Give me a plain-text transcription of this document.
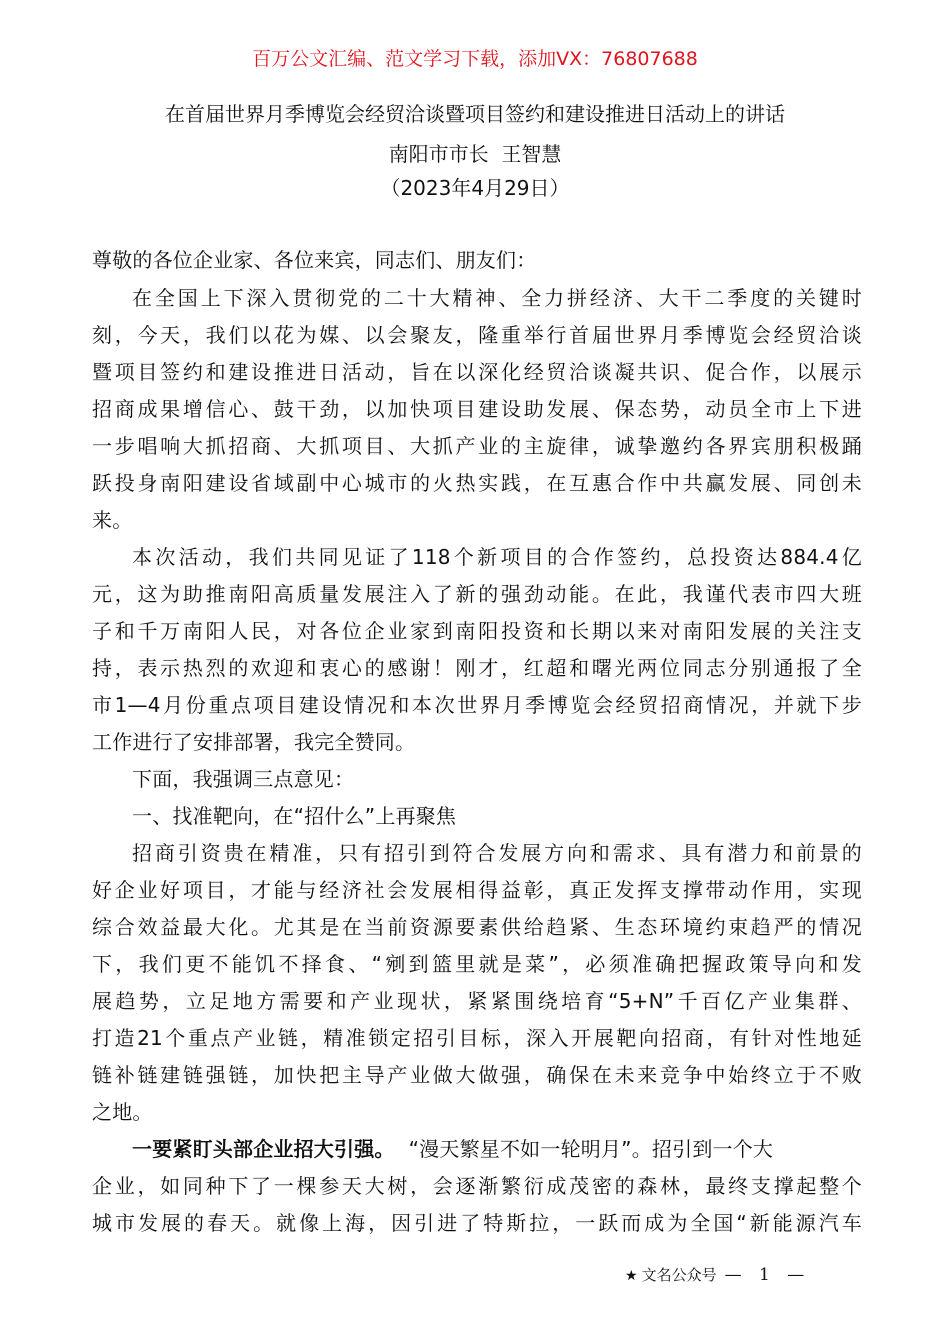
百万公文汇编、范文学习下载，添加VX：76807688
在首届世界月季博览会经贸洽谈暨项目签约和建设推进日活动上的讲话
南阳市市长  王智慧
（2023年4月29日）
尊敬的各位企业家、各位来宾，同志们、朋友们：
在全国上下深入贯彻党的二十大精神、全力拼经济、大干二季度的关键时
刻，今天，我们以花为媒、以会聚友，隆重举行首届世界月季博览会经贸洽谈
暨项目签约和建设推进日活动，旨在以深化经贸洽谈凝共识、促合作，以展示
招商成果增信心、鼓干劲，以加快项目建设助发展、保态势，动员全市上下进
一步唱响大抓招商、大抓项目、大抓产业的主旋律，诚挚邀约各界宾朋积极踊
跃投身南阳建设省域副中心城市的火热实践，在互惠合作中共赢发展、同创未
来。
本次活动，我们共同见证了118个新项目的合作签约，总投资达884.4亿
元，这为助推南阳高质量发展注入了新的强劲动能。在此，我谨代表市四大班
子和千万南阳人民，对各位企业家到南阳投资和长期以来对南阳发展的关注支
持，表示热烈的欢迎和衷心的感谢！刚才，红超和曙光两位同志分别通报了全
市1—4月份重点项目建设情况和本次世界月季博览会经贸招商情况，并就下步
工作进行了安排部署，我完全赞同。
下面，我强调三点意见：
一、找准靶向，在“招什么”上再聚焦
招商引资贵在精准，只有招引到符合发展方向和需求、具有潜力和前景的
好企业好项目，才能与经济社会发展相得益彰，真正发挥支撑带动作用，实现
综合效益最大化。尤其是在当前资源要素供给趋紧、生态环境约束趋严的情况
下，我们更不能饥不择食、“剜到篮里就是菜”，必须准确把握政策导向和发
展趋势，立足地方需要和产业现状，紧紧围绕培育“5+N”千百亿产业集群、
打造21个重点产业链，精准锁定招引目标，深入开展靶向招商，有针对性地延
链补链建链强链，加快把主导产业做大做强，确保在未来竞争中始终立于不败
之地。
一要紧盯头部企业招大引强。 “漫天繁星不如一轮明月”。招引到一个大
企业，如同种下了一棵参天大树，会逐渐繁衍成茂密的森林，最终支撑起整个
城市发展的春天。就像上海，因引进了特斯拉，一跃而成为全国“新能源汽车
★ 文名公众号 — 1 —
